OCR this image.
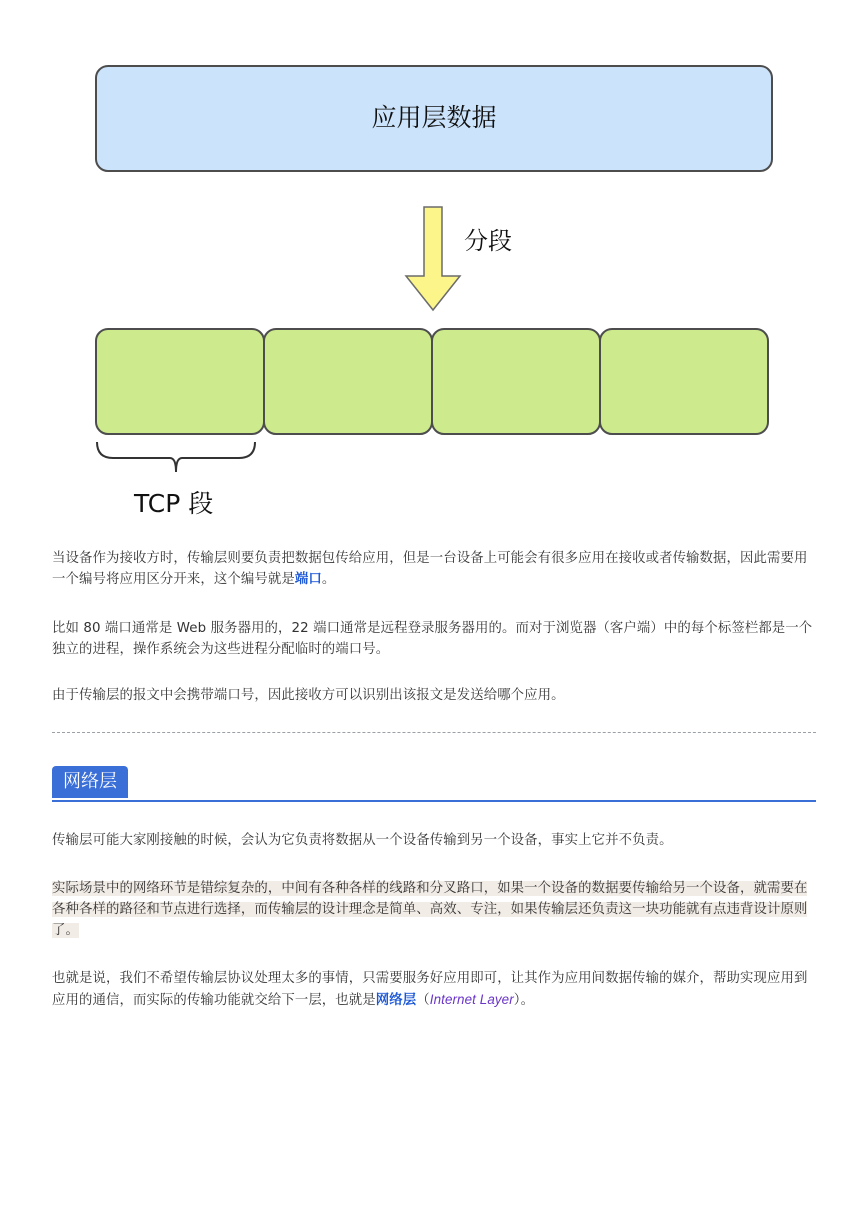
应用层数据
分段
TCP 段

当设备作为接收方时，传输层则要负责把数据包传给应用，但是一台设备上可能会有很多应用在接收或者传输数据，因此需要用一个编号将应用区分开来，这个编号就是端口。

比如 80 端口通常是 Web 服务器用的，22 端口通常是远程登录服务器用的。而对于浏览器（客户端）中的每个标签栏都是一个独立的进程，操作系统会为这些进程分配临时的端口号。

由于传输层的报文中会携带端口号，因此接收方可以识别出该报文是发送给哪个应用。

网络层

传输层可能大家刚接触的时候，会认为它负责将数据从一个设备传输到另一个设备，事实上它并不负责。

实际场景中的网络环节是错综复杂的，中间有各种各样的线路和分叉路口，如果一个设备的数据要传输给另一个设备，就需要在各种各样的路径和节点进行选择，而传输层的设计理念是简单、高效、专注，如果传输层还负责这一块功能就有点违背设计原则了。

也就是说，我们不希望传输层协议处理太多的事情，只需要服务好应用即可，让其作为应用间数据传输的媒介，帮助实现应用到应用的通信，而实际的传输功能就交给下一层，也就是网络层（Internet Layer）。
